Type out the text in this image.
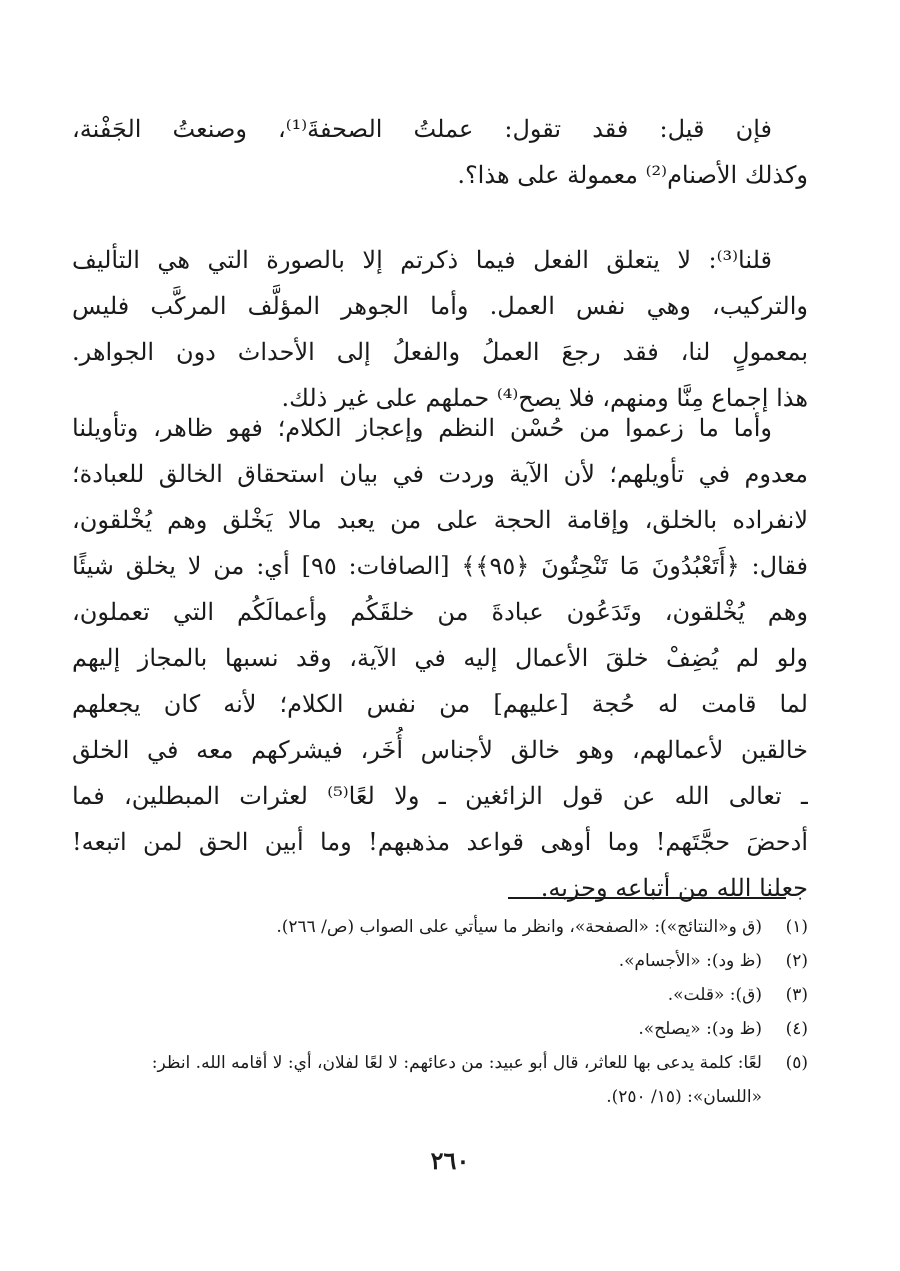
فإن قيل: فقد تقول: عملتُ الصحفةَ⁽¹⁾، وصنعتُ الجَفْنة،
وكذلك الأصنام⁽²⁾ معمولة على هذا؟.
قلنا⁽³⁾: لا يتعلق الفعل فيما ذكرتم إلا بالصورة التي هي التأليف
والتركيب، وهي نفس العمل. وأما الجوهر المؤلَّف المركَّب فليس
بمعمولٍ لنا، فقد رجعَ العملُ والفعلُ إلى الأحداث دون الجواهر.
هذا إجماع مِنَّا ومنهم، فلا يصح⁽⁴⁾ حملهم على غير ذلك.
وأما ما زعموا من حُسْن النظم وإعجاز الكلام؛ فهو ظاهر، وتأويلنا
معدوم في تأويلهم؛ لأن الآية وردت في بيان استحقاق الخالق للعبادة؛
لانفراده بالخلق، وإقامة الحجة على من يعبد مالا يَخْلق وهم يُخْلقون،
فقال: ﴿أَتَعْبُدُونَ مَا تَنْحِتُونَ ﴿٩٥﴾﴾ [الصافات: ٩٥] أي: من لا يخلق شيئًا
وهم يُخْلقون، وتَدَعُون عبادةَ من خلقَكُم وأعمالَكُم التي تعملون،
ولو لم يُضِفْ خلقَ الأعمال إليه في الآية، وقد نسبها بالمجاز إليهم
لما قامت له حُجة [عليهم] من نفس الكلام؛ لأنه كان يجعلهم
خالقين لأعمالهم، وهو خالق لأجناس أُخَر، فيشركهم معه في الخلق
ـ تعالى الله عن قول الزائغين ـ ولا لعًا⁽⁵⁾ لعثرات المبطلين، فما
أدحضَ حجَّتَهم! وما أوهى قواعد مذهبهم! وما أبين الحق لمن اتبعه!
جعلنا الله من أتباعه وحزبه.
(١)
(ق و«النتائج»): «الصفحة»، وانظر ما سيأتي على الصواب (ص/ ٢٦٦).
(٢)
(ظ ود): «الأجسام».
(٣)
(ق): «قلت».
(٤)
(ظ ود): «يصلح».
(٥)
لعًا: كلمة يدعى بها للعاثر، قال أبو عبيد: من دعائهم: لا لعًا لفلان، أي: لا أقامه الله. انظر: «اللسان»: (١٥/ ٢٥٠).
٢٦٠
